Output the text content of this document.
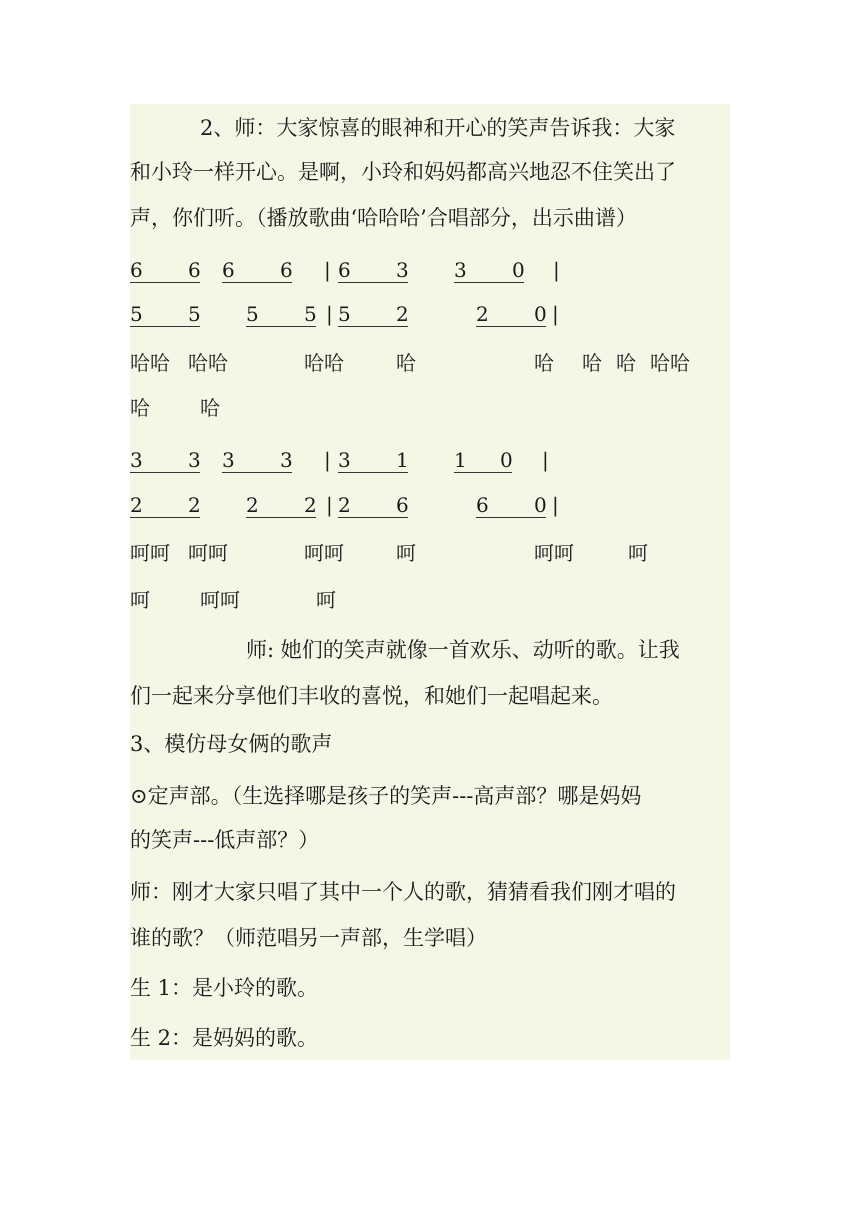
2、师：大家惊喜的眼神和开心的笑声告诉我：大家
和小玲一样开心。是啊，小玲和妈妈都高兴地忍不住笑出了
声，你们听。（播放歌曲‘哈哈哈’合唱部分，出示曲谱）
6 6 6 6 | 6 3 3 0 |
5 5 5 5 | 5 2	2 0 |
哈哈 哈哈	哈哈	哈	哈 哈 哈 哈哈
哈	哈
3 3 3 3 | 3 1 1 0 |
2 2 2 2 | 2 6	6 0 |
呵呵 呵呵	呵呵	呵	呵呵	呵
呵	呵呵	呵
师: 她们的笑声就像一首欢乐、动听的歌。让我
们一起来分享他们丰收的喜悦，和她们一起唱起来。
3、模仿母女俩的歌声
⊙定声部。（生选择哪是孩子的笑声---高声部？哪是妈妈
的笑声---低声部？）
师：刚才大家只唱了其中一个人的歌，猜猜看我们刚才唱的
谁的歌？（师范唱另一声部，生学唱）
生 1：是小玲的歌。
生 2：是妈妈的歌。
